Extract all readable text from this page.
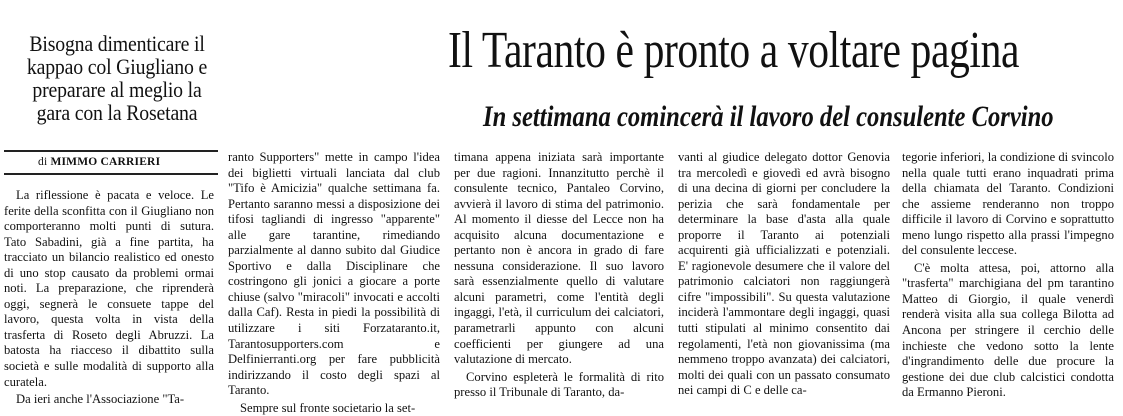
Bisogna dimenticare il kappao col Giugliano e preparare al meglio la gara con la Rosetana
di MIMMO CARRIERI
Il Taranto è pronto a voltare pagina
In settimana comincerà il lavoro del consulente Corvino

La riflessione è pacata e veloce. Le ferite della sconfitta con il Giugliano non comporteranno molti punti di sutura. Tato Sabadini, già a fine partita, ha tracciato un bilancio realistico ed onesto di uno stop causato da problemi ormai noti. La preparazione, che riprenderà oggi, segnerà le consuete tappe del lavoro, questa volta in vista della trasferta di Roseto degli Abruzzi. La batosta ha riacceso il dibattito sulla società e sulle modalità di supporto alla curatela.

Da ieri anche l'Associazione "Ta-

ranto Supporters" mette in campo l'idea dei biglietti virtuali lanciata dal club "Tifo è Amicizia" qualche settimana fa. Pertanto saranno messi a disposizione dei tifosi tagliandi di ingresso "apparente" alle gare tarantine, rimediando parzialmente al danno subito dal Giudice Sportivo e dalla Disciplinare che costringono gli jonici a giocare a porte chiuse (salvo "miracoli" invocati e accolti dalla Caf). Resta in piedi la possibilità di utilizzare i siti Forzataranto.it, Tarantosupporters.com e Delfinierranti.org per fare pubblicità indirizzando il costo degli spazi al Taranto.

Sempre sul fronte societario la set-

timana appena iniziata sarà importante per due ragioni. Innanzitutto perchè il consulente tecnico, Pantaleo Corvino, avvierà il lavoro di stima del patrimonio. Al momento il diesse del Lecce non ha acquisito alcuna documentazione e pertanto non è ancora in grado di fare nessuna considerazione. Il suo lavoro sarà essenzialmente quello di valutare alcuni parametri, come l'entità degli ingaggi, l'età, il curriculum dei calciatori, parametrarli appunto con alcuni coefficienti per giungere ad una valutazione di mercato.

Corvino espleterà le formalità di rito presso il Tribunale di Taranto, da-

vanti al giudice delegato dottor Genovia tra mercoledì e giovedì ed avrà bisogno di una decina di giorni per concludere la perizia che sarà fondamentale per determinare la base d'asta alla quale proporre il Taranto ai potenziali acquirenti già ufficializzati e potenziali. E' ragionevole desumere che il valore del patrimonio calciatori non raggiungerà cifre "impossibili". Su questa valutazione inciderà l'ammontare degli ingaggi, quasi tutti stipulati al minimo consentito dai regolamenti, l'età non giovanissima (ma nemmeno troppo avanzata) dei calciatori, molti dei quali con un passato consumato nei campi di C e delle ca-

tegorie inferiori, la condizione di svincolo nella quale tutti erano inquadrati prima della chiamata del Taranto. Condizioni che assieme renderanno non troppo difficile il lavoro di Corvino e soprattutto meno lungo rispetto alla prassi l'impegno del consulente leccese.

C'è molta attesa, poi, attorno alla "trasferta" marchigiana del pm tarantino Matteo di Giorgio, il quale venerdì renderà visita alla sua collega Bilotta ad Ancona per stringere il cerchio delle inchieste che vedono sotto la lente d'ingrandimento delle due procure la gestione dei due club calcistici condotta da Ermanno Pieroni.
